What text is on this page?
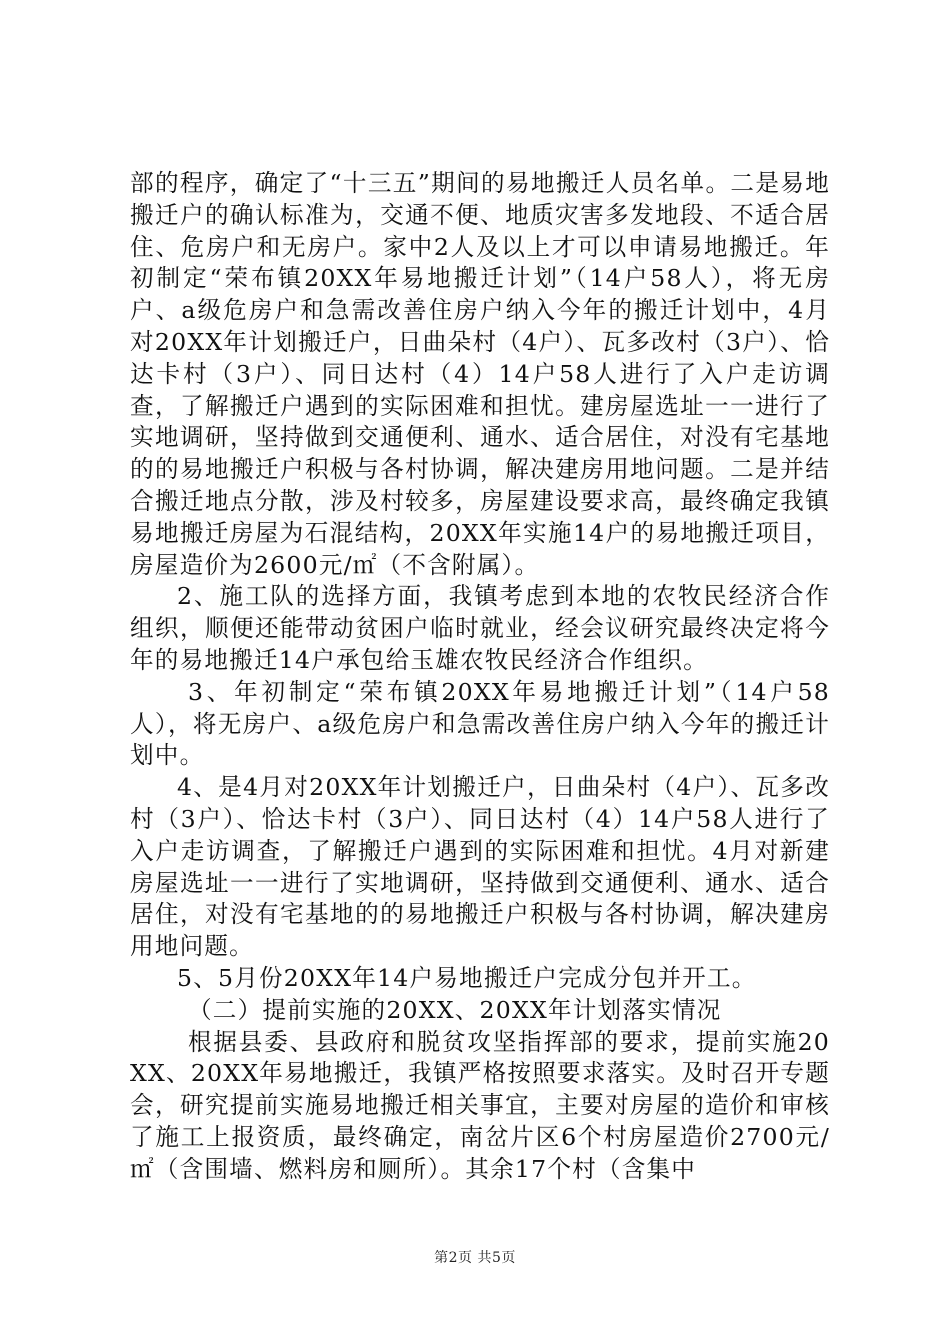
部的程序，确定了“十三五”期间的易地搬迁人员名单。二是易地搬迁户的确认标准为，交通不便、地质灾害多发地段、不适合居住、危房户和无房户。家中2人及以上才可以申请易地搬迁。年初制定“荣布镇20XX年易地搬迁计划”（14户58人），将无房户、a级危房户和急需改善住房户纳入今年的搬迁计划中，4月对20XX年计划搬迁户，日曲朵村（4户）、瓦多改村（3户）、恰达卡村（3户）、同日达村（4）14户58人进行了入户走访调查，了解搬迁户遇到的实际困难和担忧。建房屋选址一一进行了实地调研，坚持做到交通便利、通水、适合居住，对没有宅基地的的易地搬迁户积极与各村协调，解决建房用地问题。二是并结合搬迁地点分散，涉及村较多，房屋建设要求高，最终确定我镇易地搬迁房屋为石混结构，20XX年实施14户的易地搬迁项目，房屋造价为2600元/㎡（不含附属）。

2、施工队的选择方面，我镇考虑到本地的农牧民经济合作组织，顺便还能带动贫困户临时就业，经会议研究最终决定将今年的易地搬迁14户承包给玉雄农牧民经济合作组织。

3、年初制定“荣布镇20XX年易地搬迁计划”（14户58人），将无房户、a级危房户和急需改善住房户纳入今年的搬迁计划中。

4、是4月对20XX年计划搬迁户，日曲朵村（4户）、瓦多改村（3户）、恰达卡村（3户）、同日达村（4）14户58人进行了入户走访调查，了解搬迁户遇到的实际困难和担忧。4月对新建房屋选址一一进行了实地调研，坚持做到交通便利、通水、适合居住，对没有宅基地的的易地搬迁户积极与各村协调，解决建房用地问题。

5、5月份20XX年14户易地搬迁户完成分包并开工。

（二）提前实施的20XX、20XX年计划落实情况

根据县委、县政府和脱贫攻坚指挥部的要求，提前实施20XX、20XX年易地搬迁，我镇严格按照要求落实。及时召开专题会，研究提前实施易地搬迁相关事宜，主要对房屋的造价和审核了施工上报资质，最终确定，南岔片区6个村房屋造价2700元/㎡（含围墙、燃料房和厕所）。其余17个村（含集中

第2页 共5页
